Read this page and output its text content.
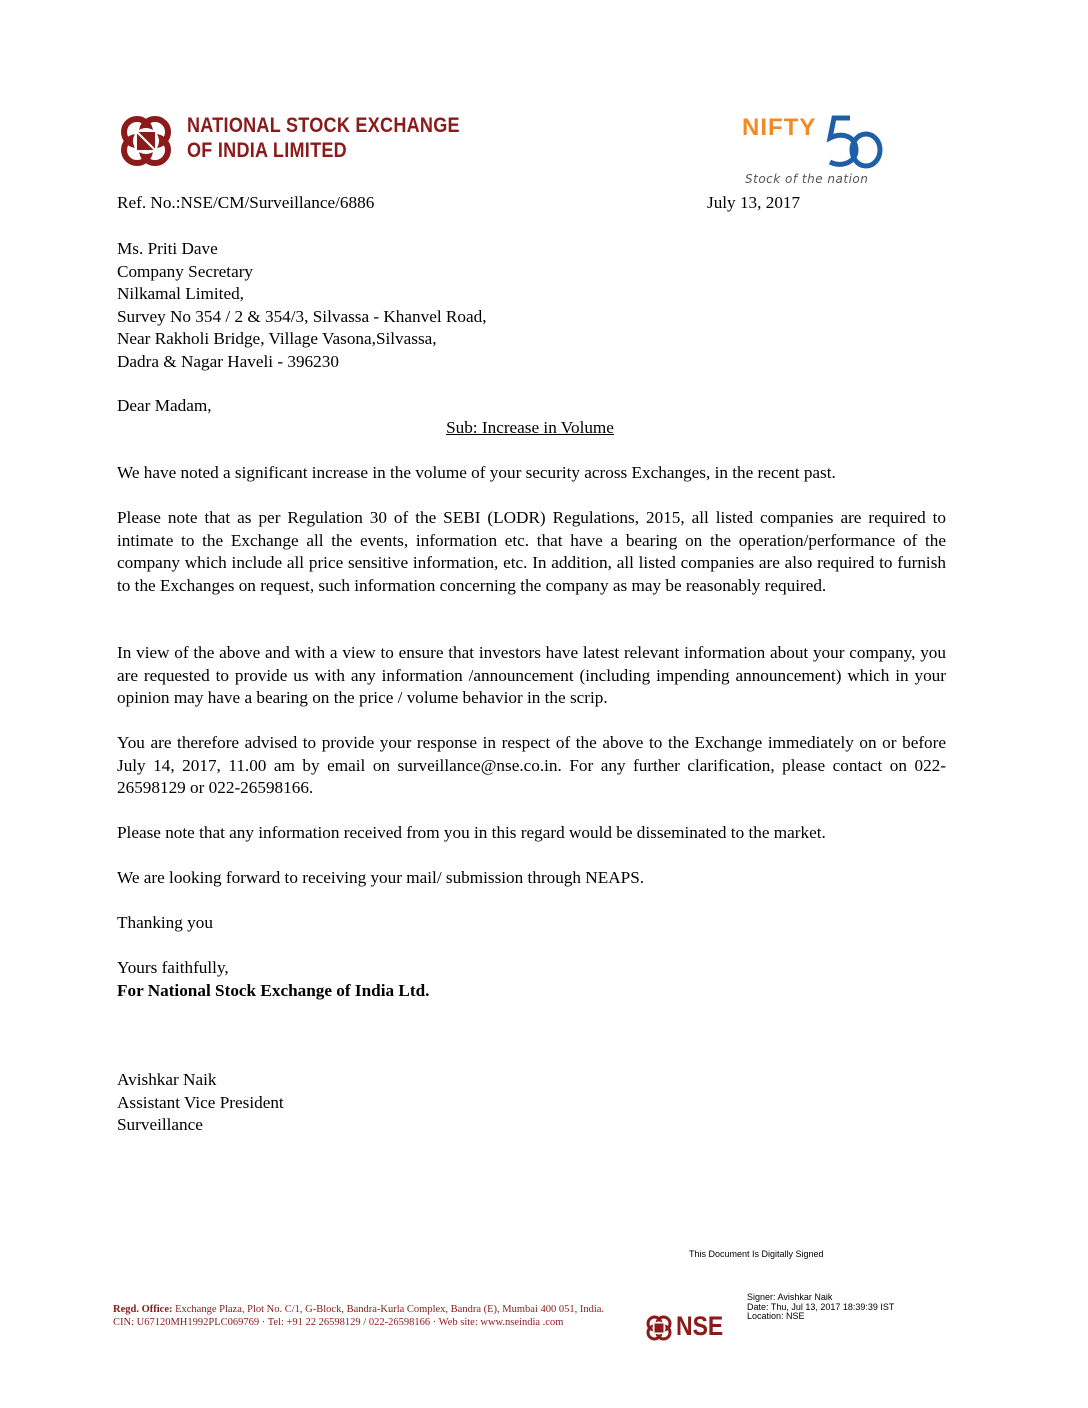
NATIONAL STOCK EXCHANGE
OF INDIA LIMITED
NIFTY
Stock of the nation
Ref. No.:NSE/CM/Surveillance/6886	July 13, 2017
Ms. Priti Dave
Company Secretary
Nilkamal Limited,
Survey No 354 / 2 & 354/3, Silvassa - Khanvel Road,
Near Rakholi Bridge, Village Vasona,Silvassa,
Dadra & Nagar Haveli - 396230
Dear Madam,
Sub: Increase in Volume
We have noted a significant increase in the volume of your security across Exchanges, in the recent past.
Please note that as per Regulation 30 of the SEBI (LODR) Regulations, 2015, all listed companies are required to intimate to the Exchange all the events, information etc. that have a bearing on the operation/performance of the company which include all price sensitive information, etc. In addition, all listed companies are also required to furnish to the Exchanges on request, such information concerning the company as may be reasonably required.
In view of the above and with a view to ensure that investors have latest relevant information about your company, you are requested to provide us with any information /announcement (including impending announcement) which in your opinion may have a bearing on the price / volume behavior in the scrip.
You are therefore advised to provide your response in respect of the above to the Exchange immediately on or before July 14, 2017, 11.00 am by email on surveillance@nse.co.in. For any further clarification, please contact on 022-26598129 or 022-26598166.
Please note that any information received from you in this regard would be disseminated to the market.
We are looking forward to receiving your mail/ submission through NEAPS.
Thanking you
Yours faithfully,
For National Stock Exchange of India Ltd.
Avishkar Naik
Assistant Vice President
Surveillance
This Document Is Digitally Signed
Signer: Avishkar Naik
Date: Thu, Jul 13, 2017 18:39:39 IST
Location: NSE
Regd. Office: Exchange Plaza, Plot No. C/1, G-Block, Bandra-Kurla Complex, Bandra (E), Mumbai 400 051, India.
CIN: U67120MH1992PLC069769 · Tel: +91 22 26598129 / 022-26598166 · Web site: www.nseindia .com	NSE
